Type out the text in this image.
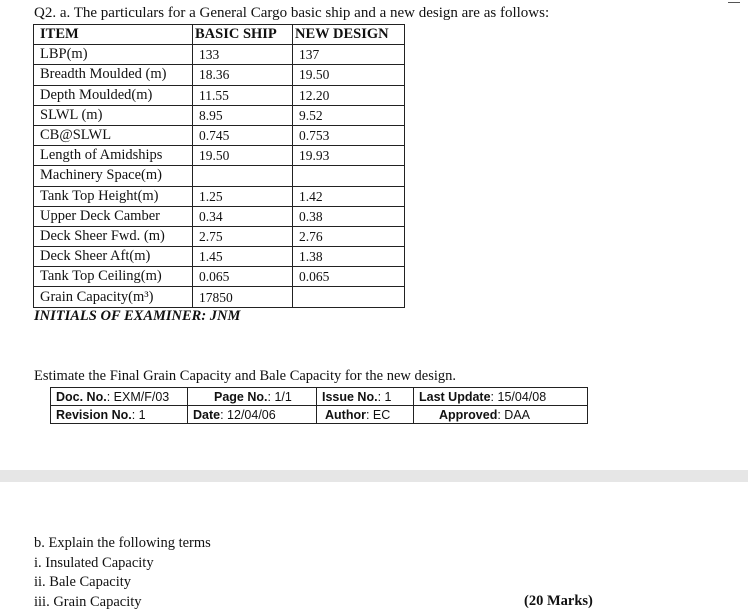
Q2. a. The particulars for a General Cargo basic ship and a new design are as follows:
ITEM	BASIC SHIP	NEW DESIGN
LBP(m)	133	137
Breadth Moulded (m)	18.36	19.50
Depth Moulded(m)	11.55	12.20
SLWL (m)	8.95	9.52
CB@SLWL	0.745	0.753
Length of Amidships	19.50	19.93
Machinery Space(m)		
Tank Top Height(m)	1.25	1.42
Upper Deck Camber	0.34	0.38
Deck Sheer Fwd. (m)	2.75	2.76
Deck Sheer Aft(m)	1.45	1.38
Tank Top Ceiling(m)	0.065	0.065
Grain Capacity(m³)	17850	
INITIALS OF EXAMINER: JNM
Estimate the Final Grain Capacity and Bale Capacity for the new design.
Doc. No.: EXM/F/03	Page No.: 1/1	Issue No.: 1	Last Update: 15/04/08
Revision No.: 1	Date: 12/04/06	Author: EC	Approved: DAA
b. Explain the following terms
i. Insulated Capacity
ii. Bale Capacity
iii. Grain Capacity	(20 Marks)
